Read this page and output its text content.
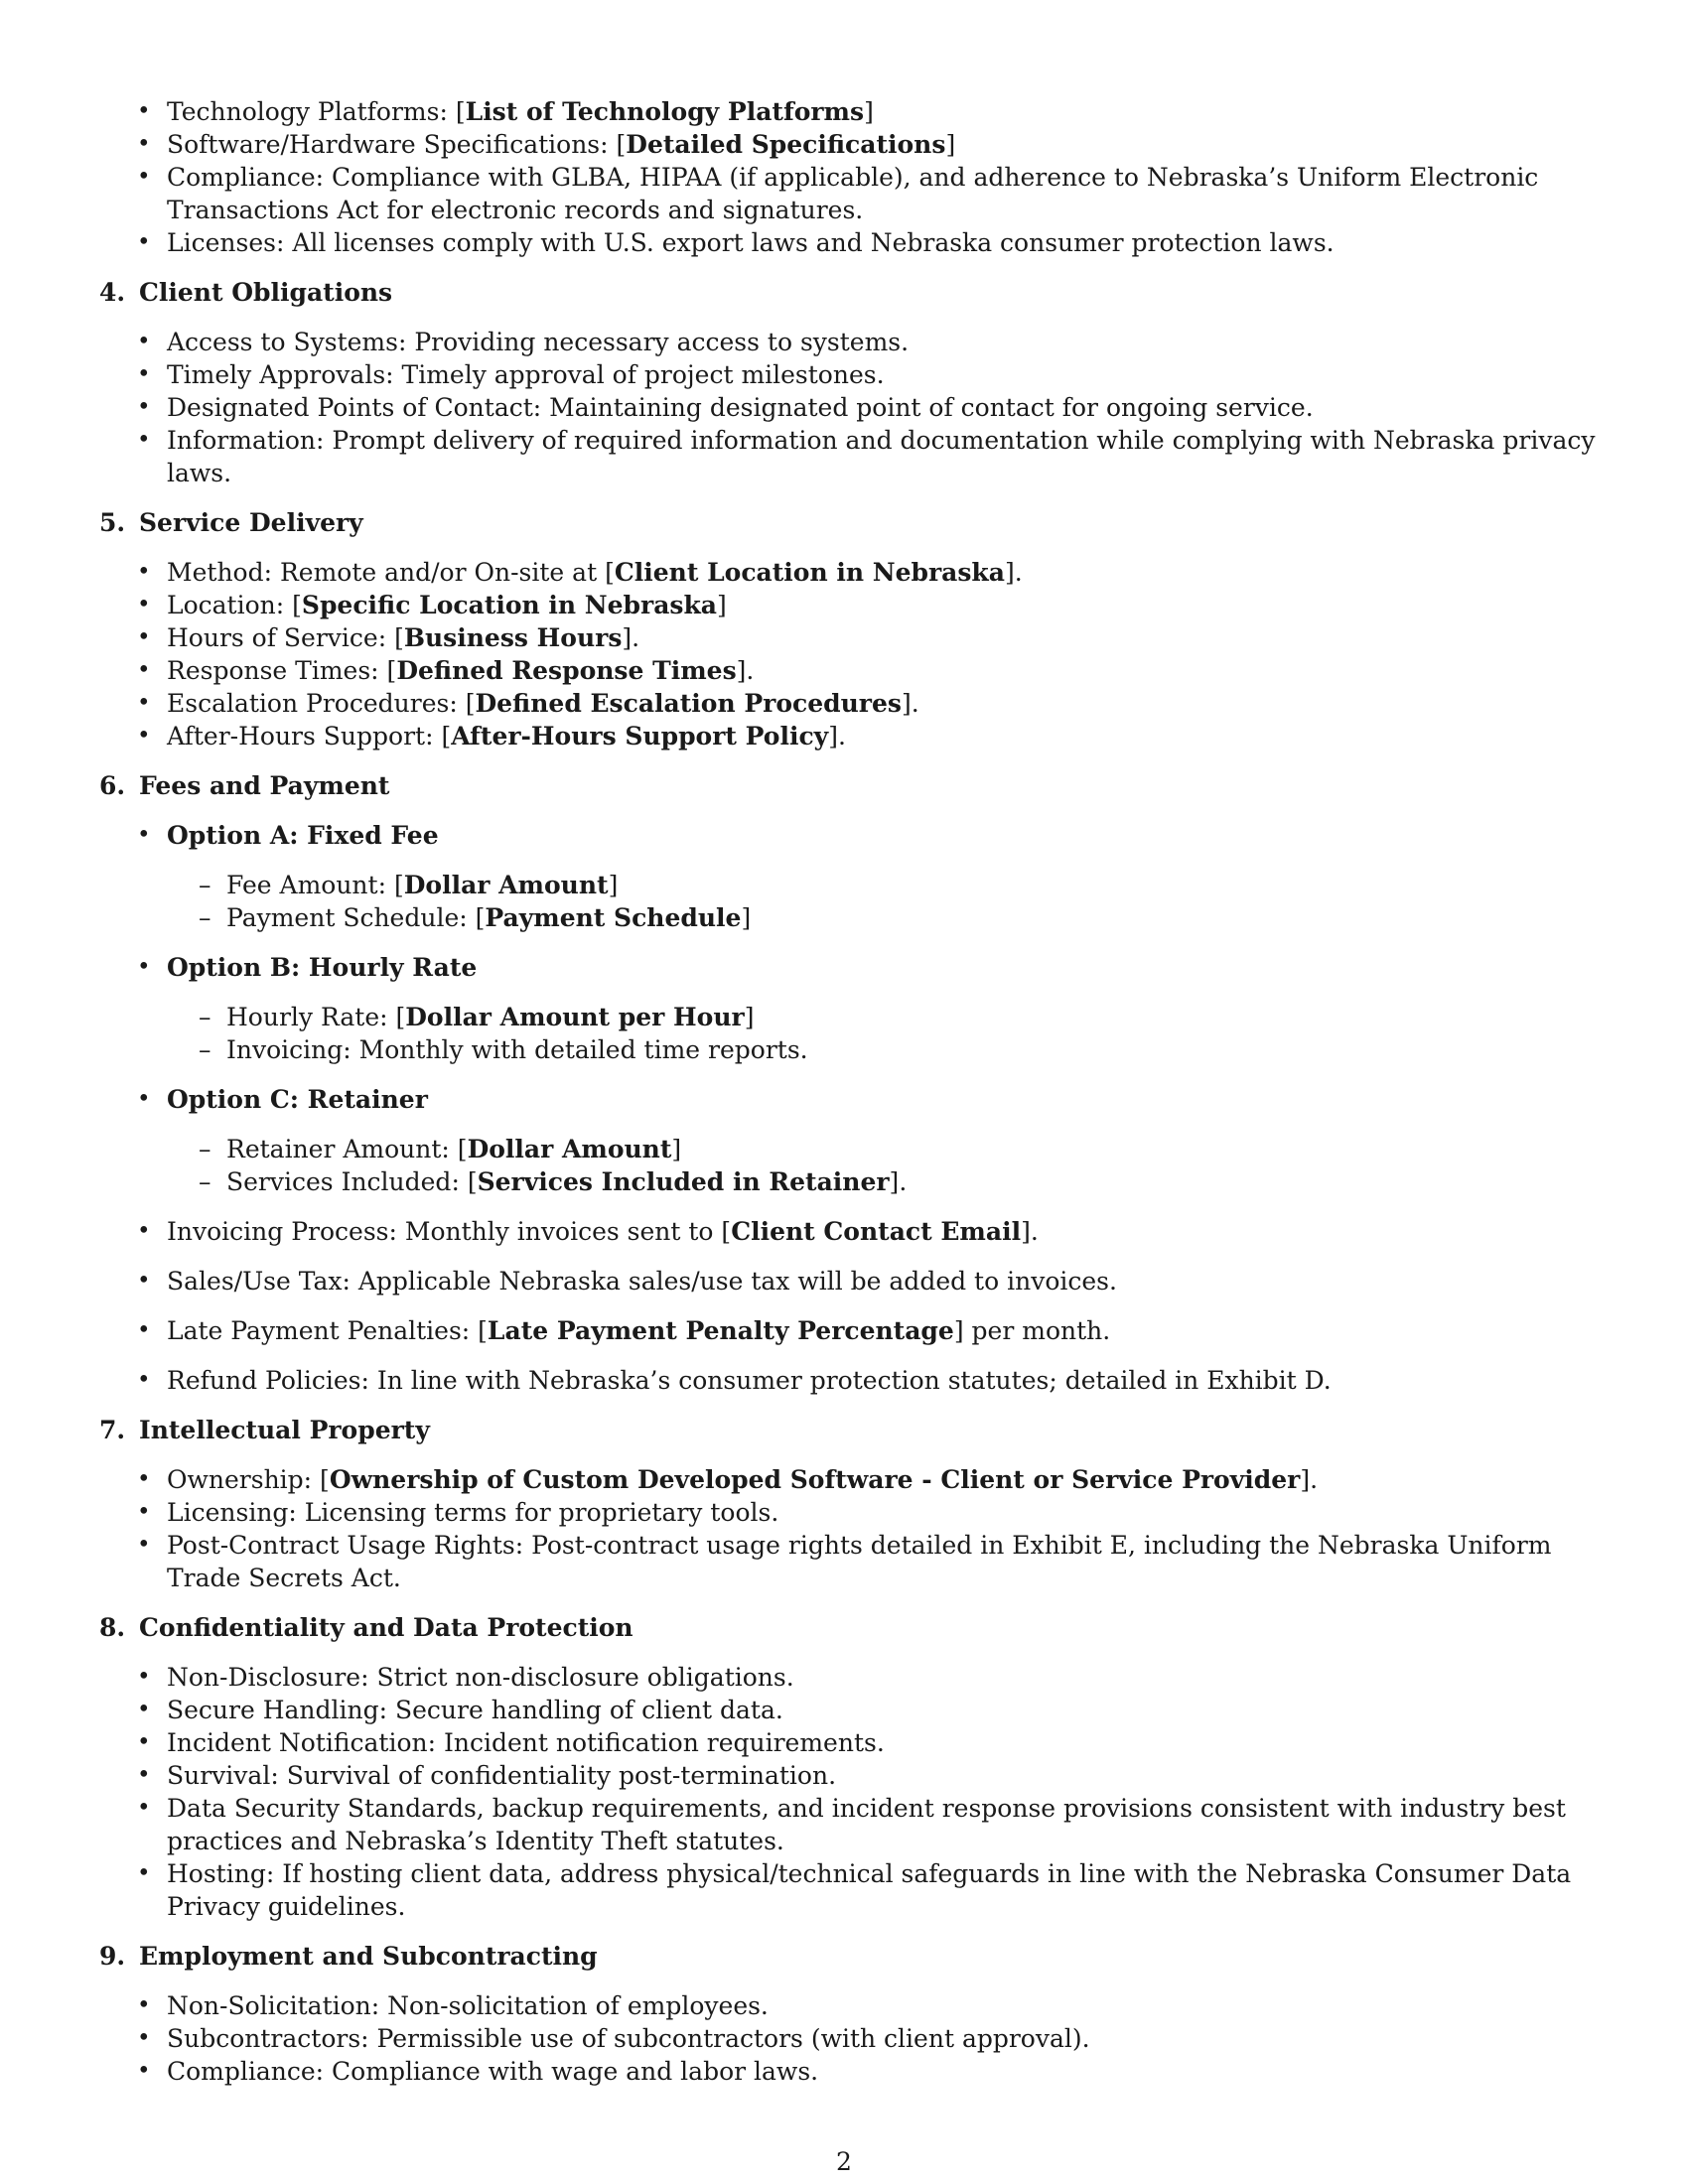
• Technology Platforms: [List of Technology Platforms]
• Software/Hardware Specifications: [Detailed Specifications]
• Compliance: Compliance with GLBA, HIPAA (if applicable), and adherence to Nebraska’s Uniform Electronic Transactions Act for electronic records and signatures.
• Licenses: All licenses comply with U.S. export laws and Nebraska consumer protection laws.
4. Client Obligations
• Access to Systems: Providing necessary access to systems.
• Timely Approvals: Timely approval of project milestones.
• Designated Points of Contact: Maintaining designated point of contact for ongoing service.
• Information: Prompt delivery of required information and documentation while complying with Nebraska privacy laws.
5. Service Delivery
• Method: Remote and/or On-site at [Client Location in Nebraska].
• Location: [Specific Location in Nebraska]
• Hours of Service: [Business Hours].
• Response Times: [Defined Response Times].
• Escalation Procedures: [Defined Escalation Procedures].
• After-Hours Support: [After-Hours Support Policy].
6. Fees and Payment
• Option A: Fixed Fee
– Fee Amount: [Dollar Amount]
– Payment Schedule: [Payment Schedule]
• Option B: Hourly Rate
– Hourly Rate: [Dollar Amount per Hour]
– Invoicing: Monthly with detailed time reports.
• Option C: Retainer
– Retainer Amount: [Dollar Amount]
– Services Included: [Services Included in Retainer].
• Invoicing Process: Monthly invoices sent to [Client Contact Email].
• Sales/Use Tax: Applicable Nebraska sales/use tax will be added to invoices.
• Late Payment Penalties: [Late Payment Penalty Percentage] per month.
• Refund Policies: In line with Nebraska’s consumer protection statutes; detailed in Exhibit D.
7. Intellectual Property
• Ownership: [Ownership of Custom Developed Software - Client or Service Provider].
• Licensing: Licensing terms for proprietary tools.
• Post-Contract Usage Rights: Post-contract usage rights detailed in Exhibit E, including the Nebraska Uniform Trade Secrets Act.
8. Confidentiality and Data Protection
• Non-Disclosure: Strict non-disclosure obligations.
• Secure Handling: Secure handling of client data.
• Incident Notification: Incident notification requirements.
• Survival: Survival of confidentiality post-termination.
• Data Security Standards, backup requirements, and incident response provisions consistent with industry best practices and Nebraska’s Identity Theft statutes.
• Hosting: If hosting client data, address physical/technical safeguards in line with the Nebraska Consumer Data Privacy guidelines.
9. Employment and Subcontracting
• Non-Solicitation: Non-solicitation of employees.
• Subcontractors: Permissible use of subcontractors (with client approval).
• Compliance: Compliance with wage and labor laws.
2
